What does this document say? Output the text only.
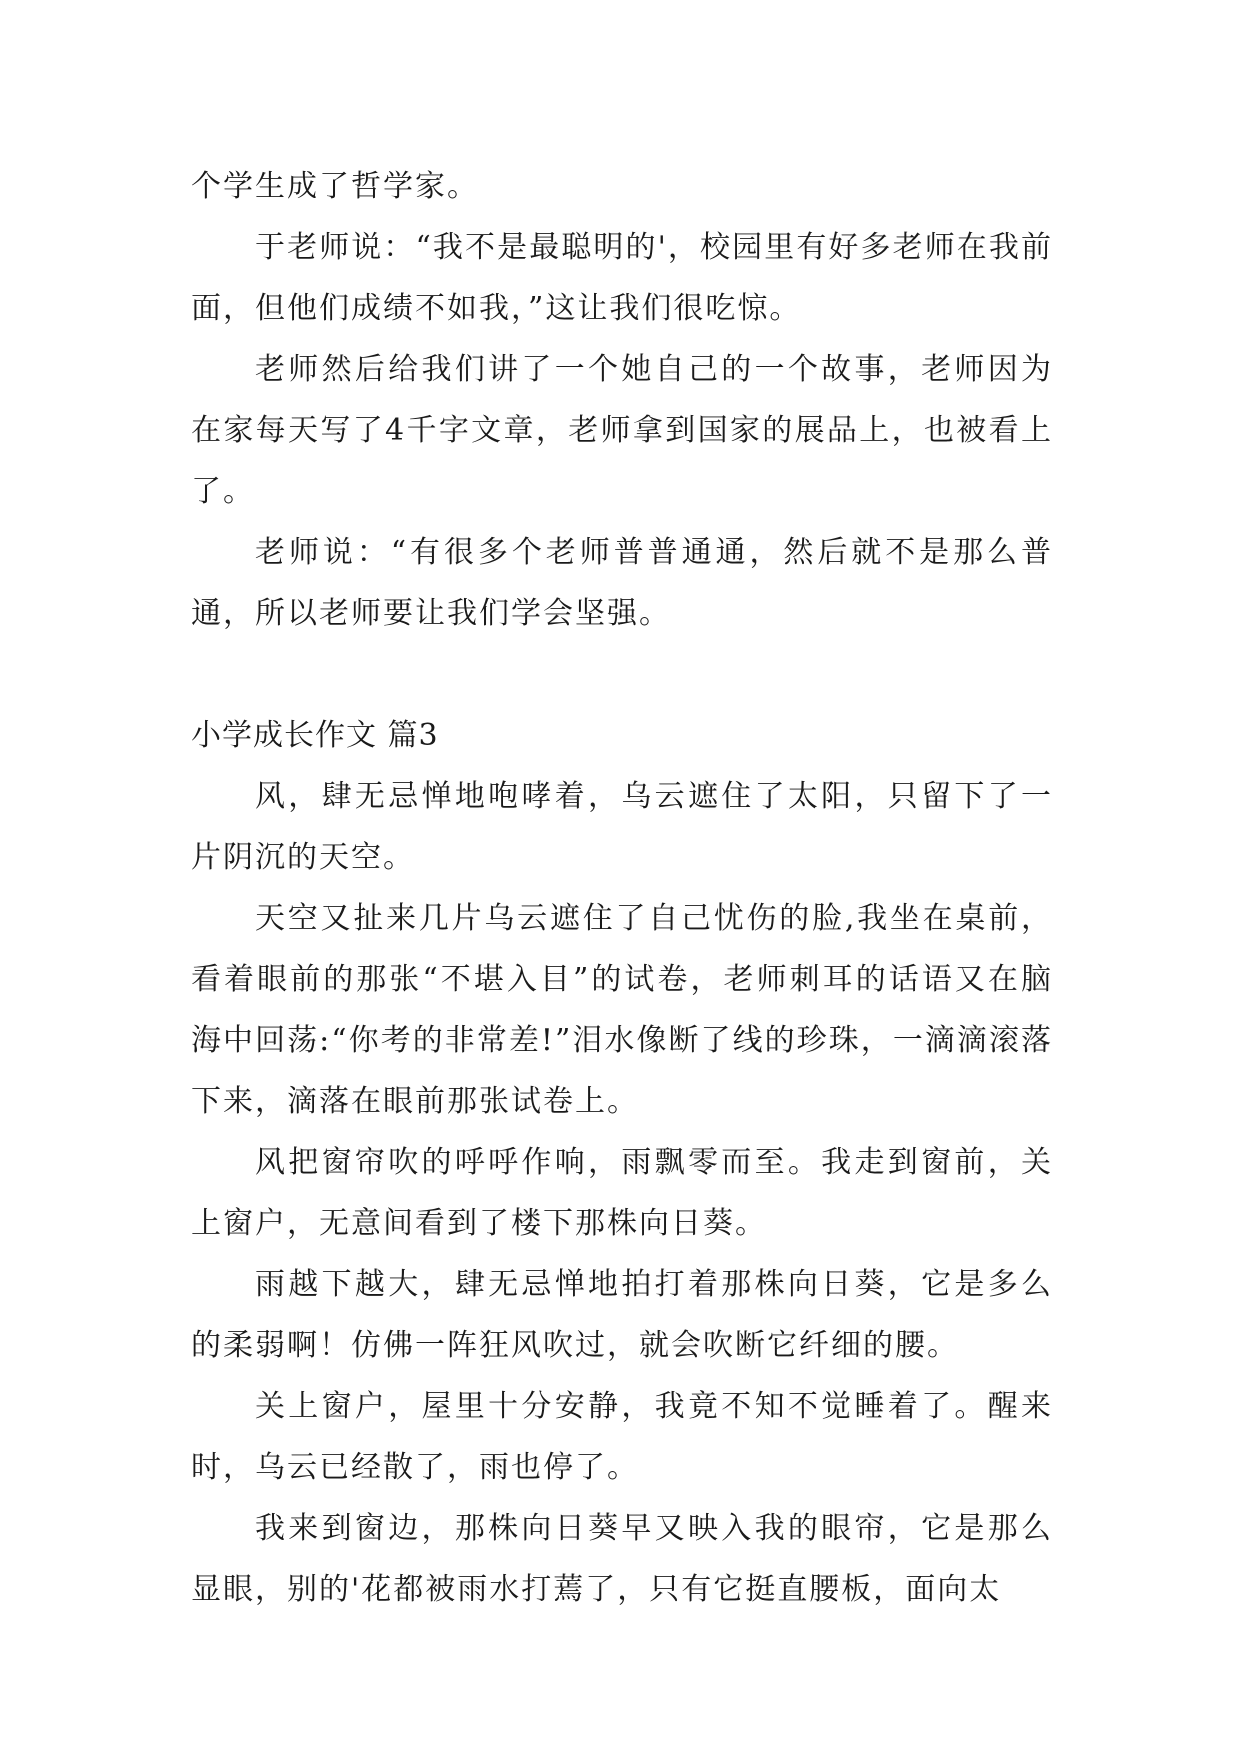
个学生成了哲学家。

于老师说：“我不是最聪明的'，校园里有好多老师在我前面，但他们成绩不如我，”这让我们很吃惊。

老师然后给我们讲了一个她自己的一个故事，老师因为在家每天写了4千字文章，老师拿到国家的展品上，也被看上了。

老师说：“有很多个老师普普通通，然后就不是那么普通，所以老师要让我们学会坚强。

小学成长作文 篇3

风，肆无忌惮地咆哮着，乌云遮住了太阳，只留下了一片阴沉的天空。

天空又扯来几片乌云遮住了自己忧伤的脸,我坐在桌前，看着眼前的那张“不堪入目”的试卷，老师刺耳的话语又在脑海中回荡:“你考的非常差!”泪水像断了线的珍珠，一滴滴滚落下来，滴落在眼前那张试卷上。

风把窗帘吹的呼呼作响，雨飘零而至。我走到窗前，关上窗户，无意间看到了楼下那株向日葵。

雨越下越大，肆无忌惮地拍打着那株向日葵，它是多么的柔弱啊！仿佛一阵狂风吹过，就会吹断它纤细的腰。

关上窗户，屋里十分安静，我竟不知不觉睡着了。醒来时，乌云已经散了，雨也停了。

我来到窗边，那株向日葵早又映入我的眼帘，它是那么显眼，别的'花都被雨水打蔫了，只有它挺直腰板，面向太
